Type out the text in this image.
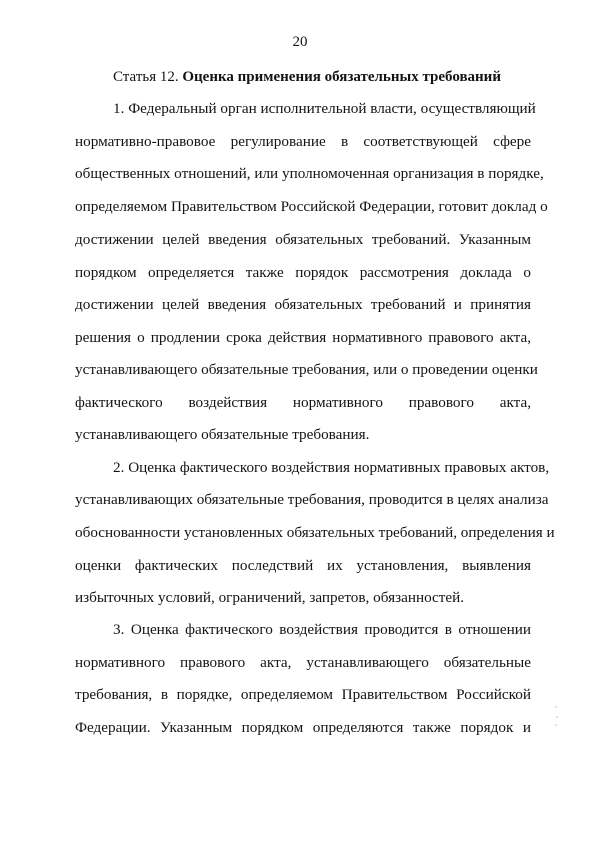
20
Статья 12. Оценка применения обязательных требований
1. Федеральный орган исполнительной власти, осуществляющий
нормативно-правовое регулирование в соответствующей сфере
общественных отношений, или уполномоченная организация в порядке,
определяемом Правительством Российской Федерации, готовит доклад о
достижении целей введения обязательных требований. Указанным
порядком определяется также порядок рассмотрения доклада о
достижении целей введения обязательных требований и принятия
решения о продлении срока действия нормативного правового акта,
устанавливающего обязательные требования, или о проведении оценки
фактического воздействия нормативного правового акта,
устанавливающего обязательные требования.
2. Оценка фактического воздействия нормативных правовых актов,
устанавливающих обязательные требования, проводится в целях анализа
обоснованности установленных обязательных требований, определения и
оценки фактических последствий их установления, выявления
избыточных условий, ограничений, запретов, обязанностей.
3. Оценка фактического воздействия проводится в отношении
нормативного правового акта, устанавливающего обязательные
требования, в порядке, определяемом Правительством Российской
Федерации. Указанным порядком определяются также порядок и
